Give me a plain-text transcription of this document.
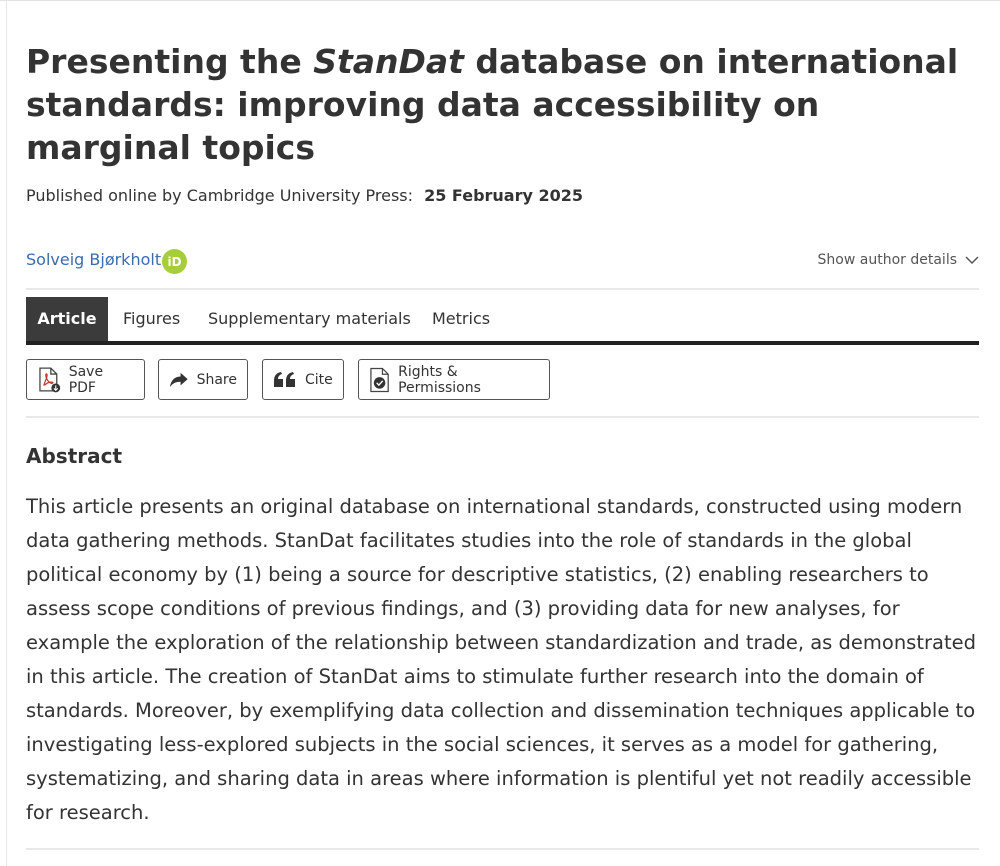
Presenting the StanDat database on international standards: improving data accessibility on marginal topics
Published online by Cambridge University Press: 25 February 2025
Solveig Bjørkholt iD	Show author details
Article	Figures Supplementary materials Metrics
Save PDF	Share	Cite	Rights & Permissions
Abstract

This article presents an original database on international standards, constructed using modern data gathering methods. StanDat facilitates studies into the role of standards in the global political economy by (1) being a source for descriptive statistics, (2) enabling researchers to assess scope conditions of previous findings, and (3) providing data for new analyses, for example the exploration of the relationship between standardization and trade, as demonstrated in this article. The creation of StanDat aims to stimulate further research into the domain of standards. Moreover, by exemplifying data collection and dissemination techniques applicable to investigating less-explored subjects in the social sciences, it serves as a model for gathering, systematizing, and sharing data in areas where information is plentiful yet not readily accessible for research.
